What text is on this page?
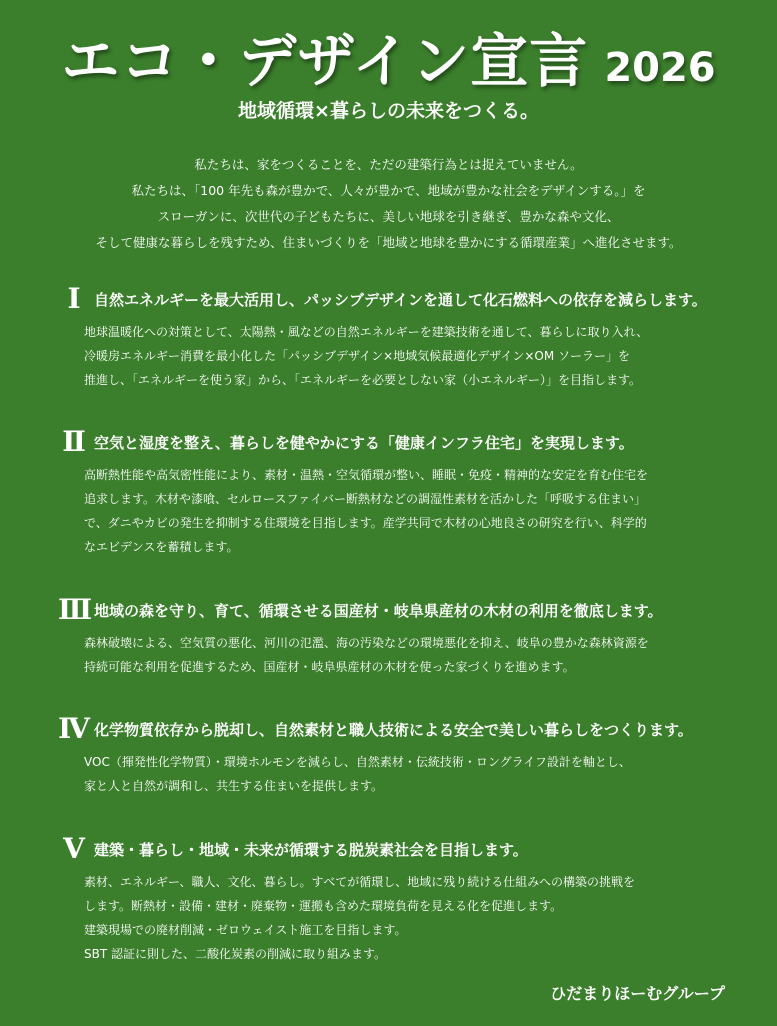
エコ・デザイン宣言 2026
地域循環×暮らしの未来をつくる。

私たちは、家をつくることを、ただの建築行為とは捉えていません。

私たちは、「100 年先も森が豊かで、人々が豊かで、地域が豊かな社会をデザインする。」を

スローガンに、次世代の子どもたちに、美しい地球を引き継ぎ、豊かな森や文化、

そして健康な暮らしを残すため、住まいづくりを「地域と地球を豊かにする循環産業」へ進化させます。

Ⅰ 自然エネルギーを最大活用し、パッシブデザインを通して化石燃料への依存を減らします。

地球温暖化への対策として、太陽熱・風などの自然エネルギーを建築技術を通して、暮らしに取り入れ、

冷暖房エネルギー消費を最小化した「パッシブデザイン×地域気候最適化デザイン×OM ソーラー」を

推進し、「エネルギーを使う家」から、「エネルギーを必要としない家（小エネルギー）」を目指します。

Ⅱ 空気と湿度を整え、暮らしを健やかにする「健康インフラ住宅」を実現します。

高断熱性能や高気密性能により、素材・温熱・空気循環が整い、睡眠・免疫・精神的な安定を育む住宅を

追求します。木材や漆喰、セルロースファイバー断熱材などの調湿性素材を活かした「呼吸する住まい」

で、ダニやカビの発生を抑制する住環境を目指します。産学共同で木材の心地良さの研究を行い、科学的

なエビデンスを蓄積します。

Ⅲ 地域の森を守り、育て、循環させる国産材・岐阜県産材の木材の利用を徹底します。

森林破壊による、空気質の悪化、河川の氾濫、海の汚染などの環境悪化を抑え、岐阜の豊かな森林資源を

持続可能な利用を促進するため、国産材・岐阜県産材の木材を使った家づくりを進めます。

Ⅳ 化学物質依存から脱却し、自然素材と職人技術による安全で美しい暮らしをつくります。

VOC（揮発性化学物質）・環境ホルモンを減らし、自然素材・伝統技術・ロングライフ設計を軸とし、

家と人と自然が調和し、共生する住まいを提供します。

Ⅴ 建築・暮らし・地域・未来が循環する脱炭素社会を目指します。

素材、エネルギー、職人、文化、暮らし。すべてが循環し、地域に残り続ける仕組みへの構築の挑戦を

します。断熱材・設備・建材・廃棄物・運搬も含めた環境負荷を見える化を促進します。

建築現場での廃材削減・ゼロウェイスト施工を目指します。

SBT 認証に則した、二酸化炭素の削減に取り組みます。

ひだまりほーむグループ
